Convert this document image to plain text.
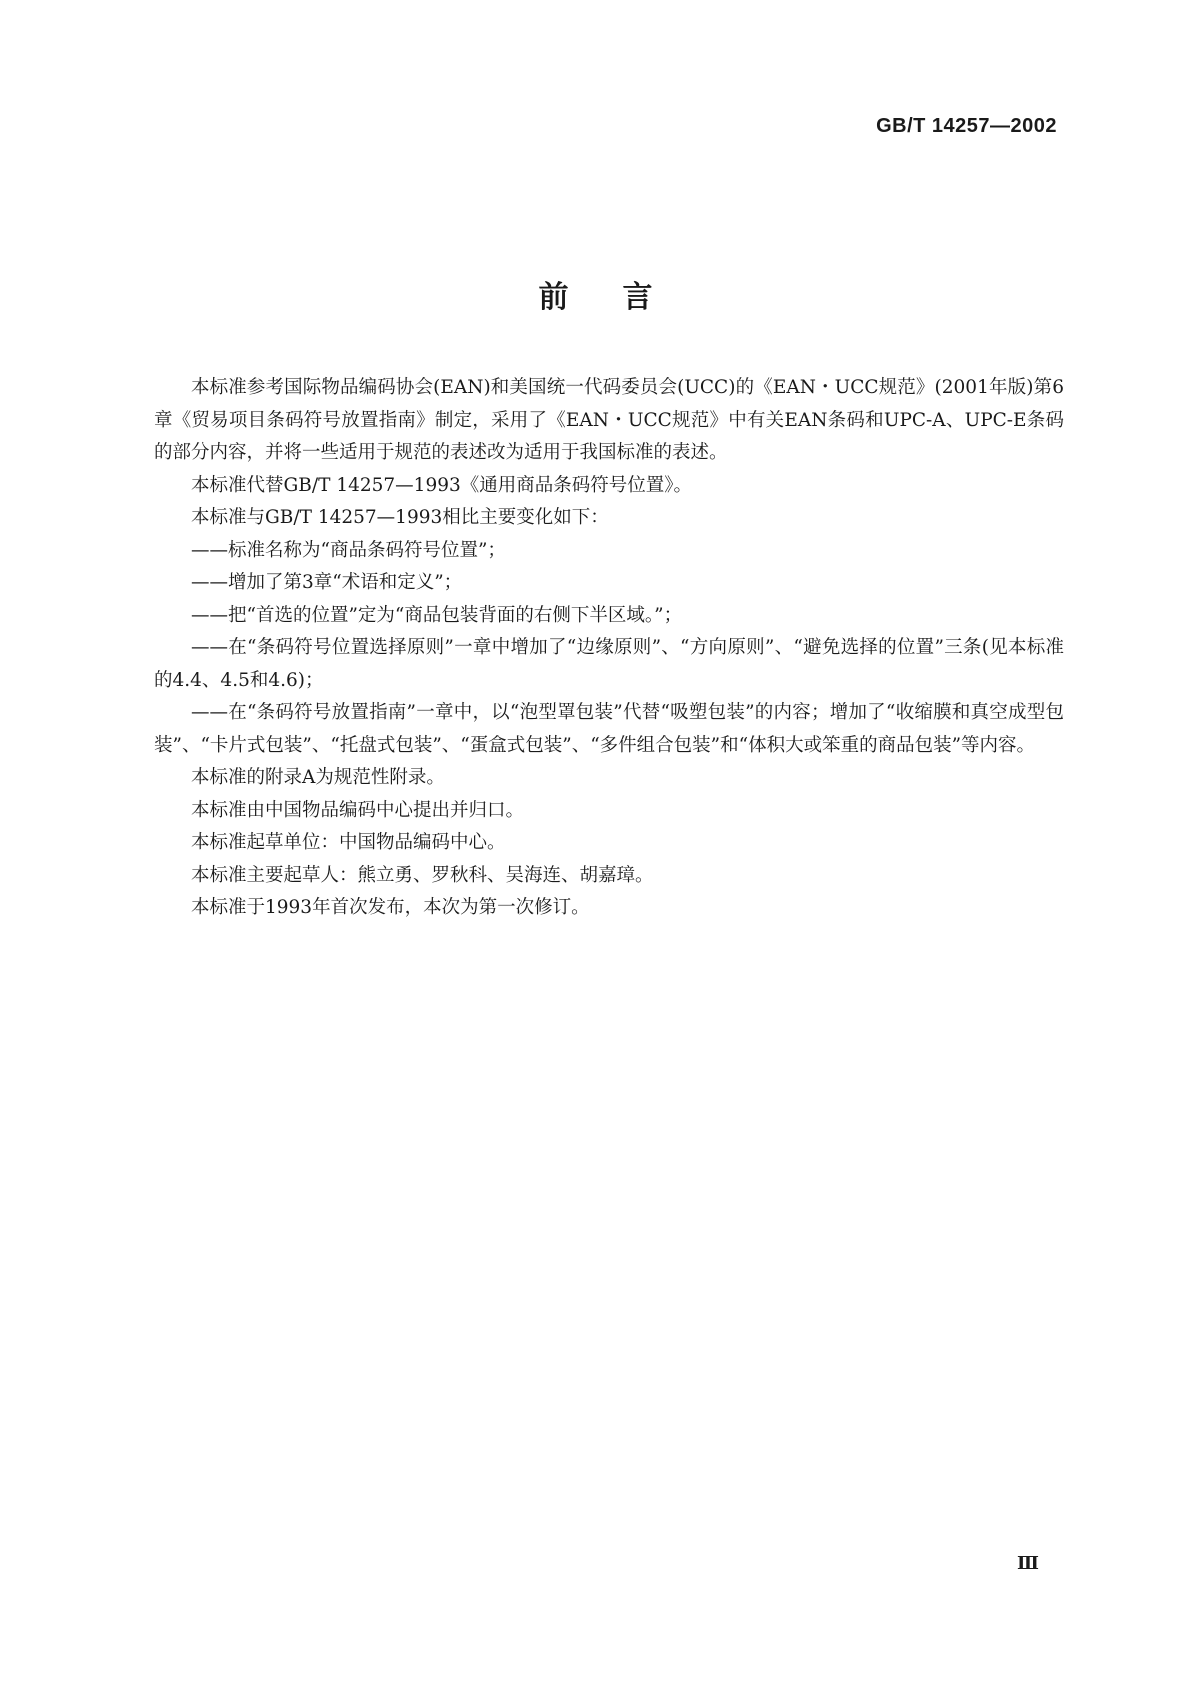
GB/T 14257—2002
前言

本标准参考国际物品编码协会(EAN)和美国统一代码委员会(UCC)的《EAN・UCC规范》(2001年版)第6章《贸易项目条码符号放置指南》制定，采用了《EAN・UCC规范》中有关EAN条码和UPC-A、UPC-E条码的部分内容，并将一些适用于规范的表述改为适用于我国标准的表述。

本标准代替GB/T 14257—1993《通用商品条码符号位置》。

本标准与GB/T 14257—1993相比主要变化如下：

——标准名称为“商品条码符号位置”；

——增加了第3章“术语和定义”；

——把“首选的位置”定为“商品包装背面的右侧下半区域。”；

——在“条码符号位置选择原则”一章中增加了“边缘原则”、“方向原则”、“避免选择的位置”三条(见本标准的4.4、4.5和4.6)；

——在“条码符号放置指南”一章中，以“泡型罩包装”代替“吸塑包装”的内容；增加了“收缩膜和真空成型包装”、“卡片式包装”、“托盘式包装”、“蛋盒式包装”、“多件组合包装”和“体积大或笨重的商品包装”等内容。

本标准的附录A为规范性附录。

本标准由中国物品编码中心提出并归口。

本标准起草单位：中国物品编码中心。

本标准主要起草人：熊立勇、罗秋科、吴海连、胡嘉璋。

本标准于1993年首次发布，本次为第一次修订。

Ⅲ
